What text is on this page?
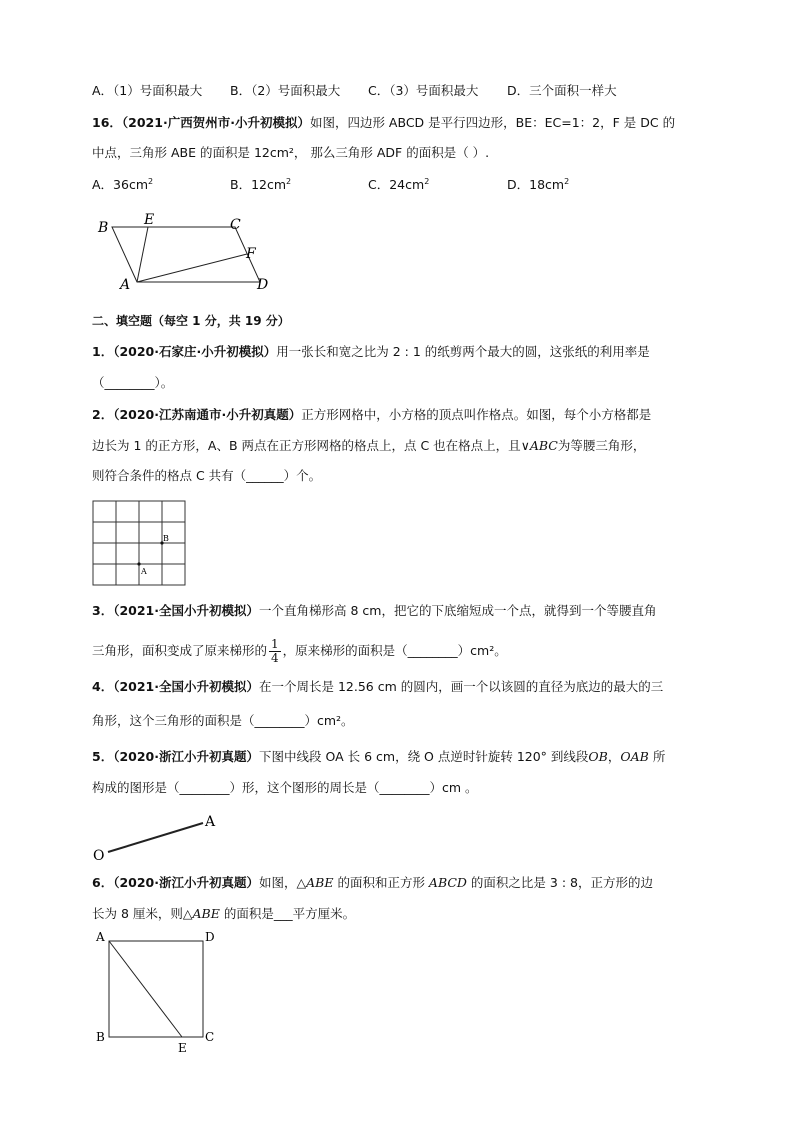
A．（1）号面积最大 B．（2）号面积最大 C．（3）号面积最大 D．三个面积一样大
16．（2021·广西贺州市·小升初模拟）如图，四边形 ABCD 是平行四边形，BE：EC=1：2，F 是 DC 的
中点，三角形 ABE 的面积是 12cm²， 那么三角形 ADF 的面积是（ ）.
A．$36cm^2$	B．$12cm^2$	C．$24cm^2$	D．$18cm^2$
B	E	C
F
A	D
二、填空题（每空 1 分，共 19 分）
1．（2020·石家庄·小升初模拟）用一张长和宽之比为 2 : 1 的纸剪两个最大的圆，这张纸的利用率是
（________）。
2．（2020·江苏南通市·小升初真题）正方形网格中，小方格的顶点叫作格点。如图，每个小方格都是
边长为 1 的正方形，A、B 两点在正方形网格的格点上，点 C 也在格点上，且∨ABC为等腰三角形，
则符合条件的格点 C 共有（______）个。
B
A
3．（2021·全国小升初模拟）一个直角梯形高 8 cm，把它的下底缩短成一个点，就得到一个等腰直角
三角形，面积变成了原来梯形的 $\frac{1}{4}$ ，原来梯形的面积是（________）cm²。
4．（2021·全国小升初模拟）在一个周长是 12.56 cm 的圆内，画一个以该圆的直径为底边的最大的三
角形，这个三角形的面积是（________）cm²。
5．（2020·浙江小升初真题）下图中线段 OA 长 6 cm，绕 O 点逆时针旋转 120° 到线段OB，OAB 所
构成的图形是（________）形，这个图形的周长是（________）cm 。
O
A
6．（2020·浙江小升初真题）如图，△ABE 的面积和正方形 ABCD 的面积之比是 3 : 8，正方形的边
长为 8 厘米，则△ABE 的面积是___平方厘米。
A	D
B	C
E
